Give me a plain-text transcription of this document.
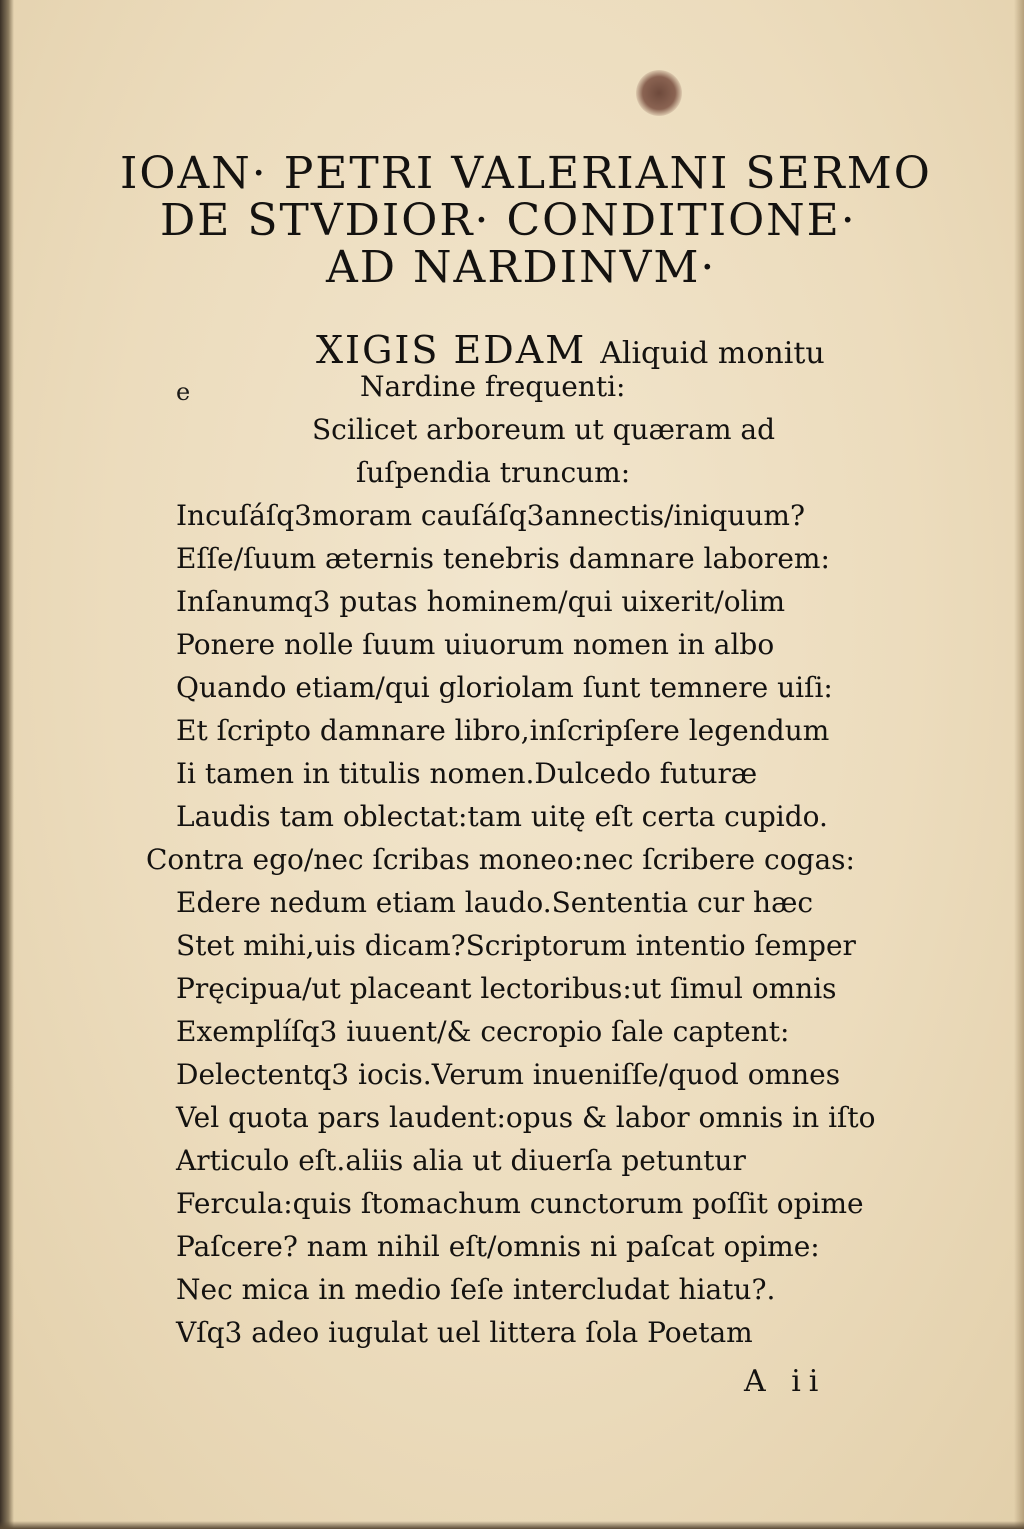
IOAN· PETRI VALERIANI SERMO
DE STVDIOR· CONDITIONE·
AD NARDINVM·
XIGIS EDAM Aliquid monitu
e	Nardine frequenti:
Scilicet arboreum ut quæram ad
ſuſpendia truncum:
Incuſáſq3moram cauſáſq3annectis/iniquum?
Eſſe/ſuum æternis tenebris damnare laborem:
Inſanumq3 putas hominem/qui uixerit/olim
Ponere nolle ſuum uiuorum nomen in albo
Quando etiam/qui gloriolam ſunt temnere uiſi:
Et ſcripto damnare libro,inſcripſere legendum
Ii tamen in titulis nomen.Dulcedo futuræ
Laudis tam oblectat:tam uitę eſt certa cupido.
Contra ego/nec ſcribas moneo:nec ſcribere cogas:
Edere nedum etiam laudo.Sententia cur hæc
Stet mihi,uis dicam?Scriptorum intentio ſemper
Pręcipua/ut placeant lectoribus:ut ſimul omnis
Exemplíſq3 iuuent/& cecropio ſale captent:
Delectentq3 iocis.Verum inueniſſe/quod omnes
Vel quota pars laudent:opus & labor omnis in iſto
Articulo eſt.aliis alia ut diuerſa petuntur
Fercula:quis ſtomachum cunctorum poſſit opime
Paſcere? nam nihil eſt/omnis ni paſcat opime:
Nec mica in medio ſeſe intercludat hiatu?.
Vſq3 adeo iugulat uel littera ſola Poetam
A ii
